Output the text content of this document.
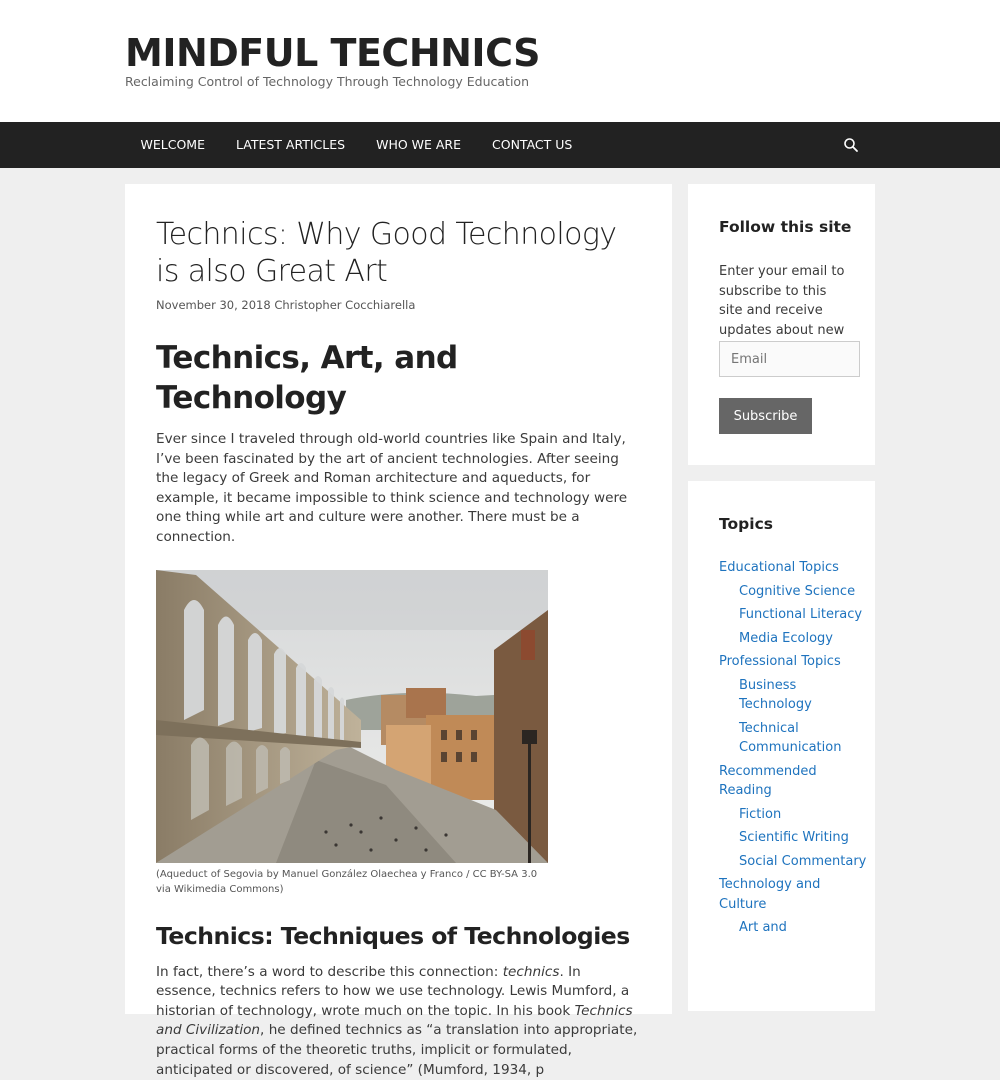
MINDFUL TECHNICS

Reclaiming Control of Technology Through Technology Education

WELCOME	LATEST ARTICLES	WHO WE ARE	CONTACT US
Technics: Why Good Technology is also Great Art

November 30, 2018 Christopher Cocchiarella

Technics, Art, and Technology

Ever since I traveled through old-world countries like Spain and Italy, I’ve been fascinated by the art of ancient technologies. After seeing the legacy of Greek and Roman architecture and aqueducts, for example, it became impossible to think science and technology were one thing while art and culture were another. There must be a connection.

(Aqueduct of Segovia by Manuel González Olaechea y Franco / CC BY-SA 3.0 via Wikimedia Commons)
Technics: Techniques of Technologies

In fact, there’s a word to describe this connection: technics. In essence, technics refers to how we use technology. Lewis Mumford, a historian of technology, wrote much on the topic. In his book Technics and Civilization, he defined technics as “a translation into appropriate, practical forms of the theoretic truths, implicit or formulated, anticipated or discovered, of science” (Mumford, 1934, p

Follow this site

Enter your email to subscribe to this site and receive updates about new

Email
Subscribe
Topics
Educational Topics
Cognitive Science
Functional Literacy
Media Ecology
Professional Topics
Business Technology
Technical Communication
Recommended Reading
Fiction
Scientific Writing
Social Commentary
Technology and Culture
Art and
